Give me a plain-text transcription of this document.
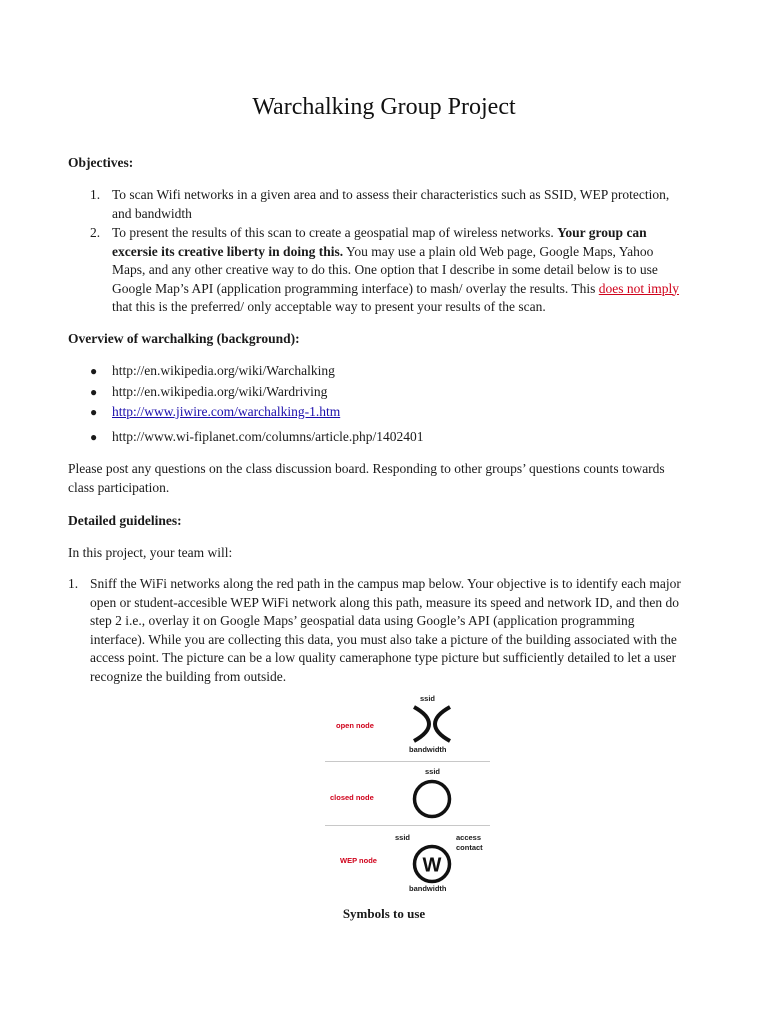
Warchalking Group Project
Objectives:
1. To scan Wifi networks in a given area and to assess their characteristics such as SSID, WEP protection,
and bandwidth
2. To present the results of this scan to create a geospatial map of wireless networks. Your group can
excersie its creative liberty in doing this. You may use a plain old Web page, Google Maps, Yahoo
Maps, and any other creative way to do this. One option that I describe in some detail below is to use
Google Map’s API (application programming interface) to mash/ overlay the results. This does not imply
that this is the preferred/ only acceptable way to present your results of the scan.
Overview of warchalking (background):
● http://en.wikipedia.org/wiki/Warchalking
● http://en.wikipedia.org/wiki/Wardriving
● http://www.jiwire.com/warchalking-1.htm
● http://www.wi-fiplanet.com/columns/article.php/1402401
Please post any questions on the class discussion board. Responding to other groups’ questions counts towards
class participation.
Detailed guidelines:
In this project, your team will:
1. Sniff the WiFi networks along the red path in the campus map below. Your objective is to identify each major
open or student-accesible WEP WiFi network along this path, measure its speed and network ID, and then do
step 2 i.e., overlay it on Google Maps’ geospatial data using Google’s API (application programming
interface). While you are collecting this data, you must also take a picture of the building associated with the
access point. The picture can be a low quality cameraphone type picture but sufficiently detailed to let a user
recognize the building from outside.
ssid
open node
bandwidth
ssid
closed node
ssid	access
contact
WEP node W
bandwidth
Symbols to use
